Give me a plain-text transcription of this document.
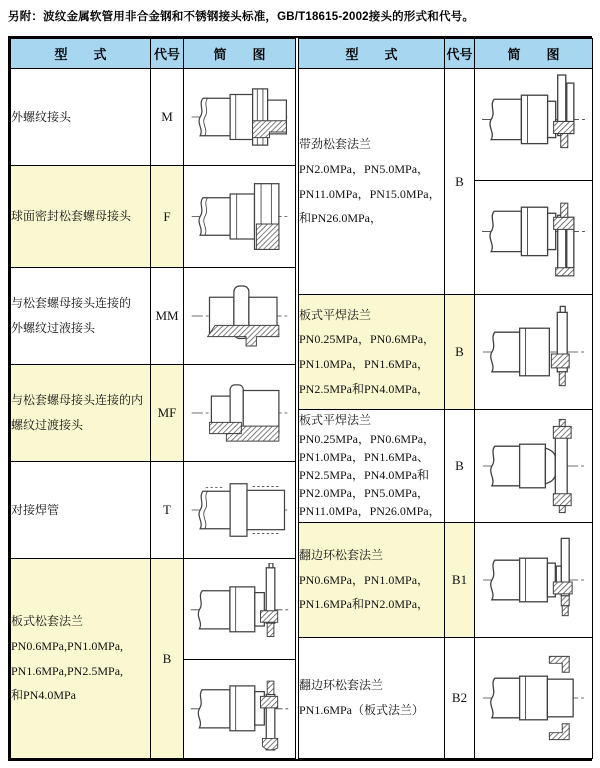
另附：波纹金属软管用非合金钢和不锈钢接头标准，GB/T18615-2002接头的形式和代号。
型　　式	代号	简　　图

外螺纹接头	M	

球面密封松套螺母接头	F	

与松套螺母接头连接的
外螺纹过液接头	MM	

与松套螺母接头连接的内
螺纹过渡接头	MF	

对接焊管	T	

板式松套法兰
PN0.6MPa,PN1.0MPa,
PN1.6MPa,PN2.5MPa,
和PN4.0MPa	B	
型　　式	代号	简　　图

带劲松套法兰
PN2.0MPa，PN5.0MPa，
PN11.0MPa，PN15.0MPa，
和PN26.0MPa，	B	

板式平焊法兰
PN0.25MPa，PN0.6MPa，
PN1.0MPa，PN1.6MPa，
PN2.5MPa和PN4.0MPa，	B	

板式平焊法兰
PN0.25MPa，PN0.6MPa，
PN1.0MPa，PN1.6MPa、
PN2.5MPa，PN4.0MPa和
PN2.0MPa，PN5.0MPa，
PN11.0MPa，PN26.0MPa，
	B	

翻边环松套法兰
PN0.6MPa，PN1.0MPa，
PN1.6MPa和PN2.0MPa，	B1	

翻边环松套法兰
PN1.6MPa（板式法兰）	B2	
